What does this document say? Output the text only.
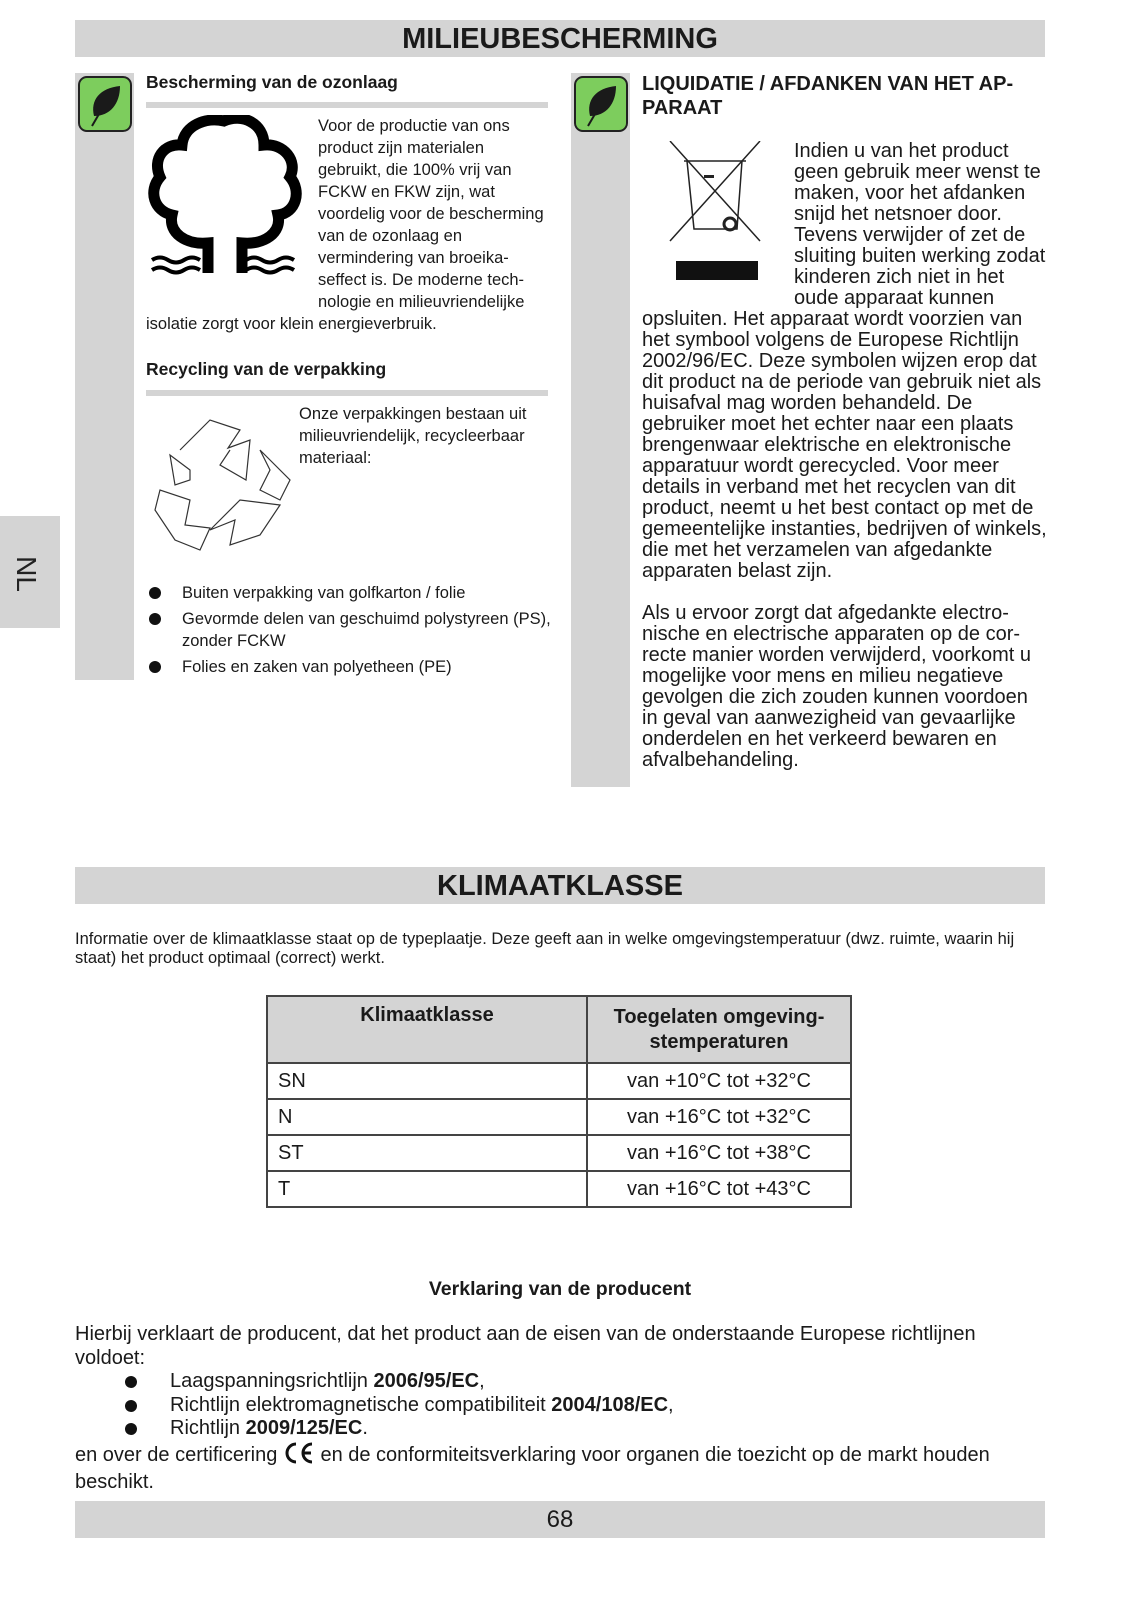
MILIEUBESCHERMING
NL
Bescherming van de ozonlaag
Voor de productie van ons product zijn materialen gebruikt, die 100% vrij van FCKW en FKW zijn, wat voordelig voor de bescherming van de ozonlaag en vermindering van broeikaseffect is. De moderne technologie en milieuvriendelijke isolatie zorgt voor klein energieverbruik.
Recycling van de verpakking
Onze verpakkingen bestaan uit milieuvriendelijk, recycleerbaar materiaal:
Buiten verpakking van golfkarton / folie
Gevormde delen van geschuimd polystyreen (PS), zonder FCKW
Folies en zaken van polyetheen (PE)
LIQUIDATIE / AFDANKEN VAN HET APPARAAT

Indien u van het product geen gebruik meer wenst te maken, voor het afdanken snijd het netsnoer door. Tevens verwijder of zet de sluiting buiten werking zodat kinderen zich niet in het oude apparaat kunnen opsluiten. Het apparaat wordt voorzien van het symbool volgens de Europese Richtlijn 2002/96/EC. Deze symbolen wijzen erop dat dit product na de periode van gebruik niet als huisafval mag worden behandeld. De gebruiker moet het echter naar een plaats brengenwaar elektrische en elektronische apparatuur wordt gerecycled. Voor meer details in verband met het recyclen van dit product, neemt u het best contact op met de gemeentelijke instanties, bedrijven of winkels, die met het verzamelen van afgedankte apparaten belast zijn.

Als u ervoor zorgt dat afgedankte electronische en electrische apparaten op de correcte manier worden verwijderd, voorkomt u mogelijke voor mens en milieu negatieve gevolgen die zich zouden kunnen voordoen in geval van aanwezigheid van gevaarlijke onderdelen en het verkeerd bewaren en afvalbehandeling.

KLIMAATKLASSE
Informatie over de klimaatklasse staat op de typeplaatje. Deze geeft aan in welke omgevingstemperatuur (dwz. ruimte, waarin hij staat) het product optimaal (correct) werkt.
Klimaatklasse	Toegelaten omgevingstemperaturen
SN	van +10°C tot +32°C
N	van +16°C tot +32°C
ST	van +16°C tot +38°C
T	van +16°C tot +43°C
Verklaring van de producent
Hierbij verklaart de producent, dat het product aan de eisen van de onderstaande Europese richtlijnen voldoet:
Laagspanningsrichtlijn 2006/95/EC,
Richtlijn elektromagnetische compatibiliteit 2004/108/EC,
Richtlijn 2009/125/EC.
en over de certificering  en de conformiteitsverklaring voor organen die toezicht op de markt houden beschikt.
68
